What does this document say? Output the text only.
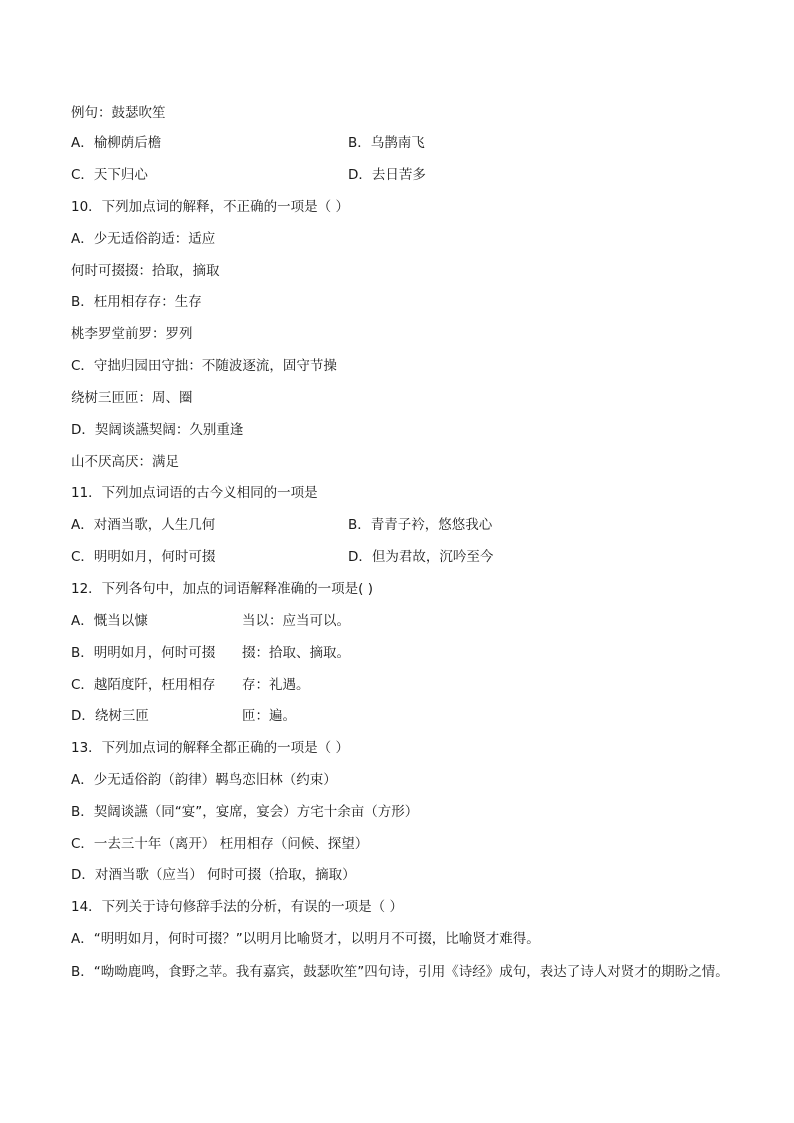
例句：鼓瑟吹笙
A．榆柳荫后檐	B．乌鹊南飞
C．天下归心	D．去日苦多
10．下列加点词的解释，不正确的一项是（ ）
A．少无适俗韵适：适应
何时可掇掇：拾取，摘取
B．枉用相存存：生存
桃李罗堂前罗：罗列
C．守拙归园田守拙：不随波逐流，固守节操
绕树三匝匝：周、圈
D．契阔谈讌契阔：久别重逢
山不厌高厌：满足
11．下列加点词语的古今义相同的一项是
A．对酒当歌，人生几何	B．青青子衿，悠悠我心
C．明明如月，何时可掇	D．但为君故，沉吟至今
12．下列各句中，加点的词语解释准确的一项是( )
A．慨当以慷	当以：应当可以。
B．明明如月，何时可掇 掇：拾取、摘取。
C．越陌度阡，枉用相存 存：礼遇。
D．绕树三匝	匝：遍。
13．下列加点词的解释全都正确的一项是（ ）
A．少无适俗韵（韵律）羁鸟恋旧林（约束）
B．契阔谈讌（同“宴”，宴席，宴会）方宅十余亩（方形）
C．一去三十年（离开） 枉用相存（问候、探望）
D．对酒当歌（应当） 何时可掇（拾取，摘取）
14．下列关于诗句修辞手法的分析，有误的一项是（ ）
A．“明明如月，何时可掇？”以明月比喻贤才，以明月不可掇，比喻贤才难得。
B．“呦呦鹿鸣，食野之苹。我有嘉宾，鼓瑟吹笙”四句诗，引用《诗经》成句，表达了诗人对贤才的期盼之情。
